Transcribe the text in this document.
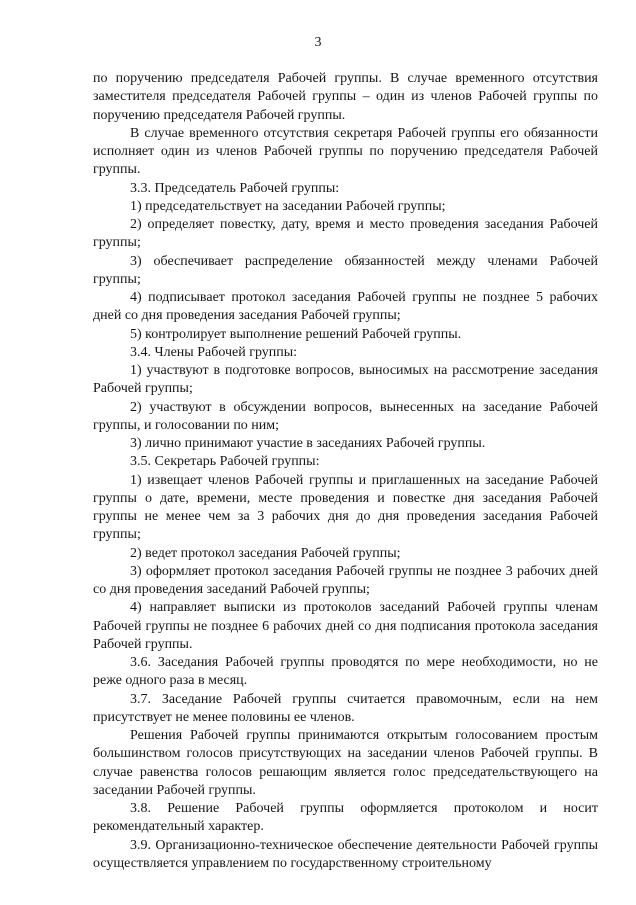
3

по поручению председателя Рабочей группы. В случае временного отсутствия заместителя председателя Рабочей группы – один из членов Рабочей группы по поручению председателя Рабочей группы.

В случае временного отсутствия секретаря Рабочей группы его обязанности исполняет один из членов Рабочей группы по поручению председателя Рабочей группы.

3.3. Председатель Рабочей группы:

1) председательствует на заседании Рабочей группы;

2) определяет повестку, дату, время и место проведения заседания Рабочей группы;

3) обеспечивает распределение обязанностей между членами Рабочей группы;

4) подписывает протокол заседания Рабочей группы не позднее 5 рабочих дней со дня проведения заседания Рабочей группы;

5) контролирует выполнение решений Рабочей группы.

3.4. Члены Рабочей группы:

1) участвуют в подготовке вопросов, выносимых на рассмотрение заседания Рабочей группы;

2) участвуют в обсуждении вопросов, вынесенных на заседание Рабочей группы, и голосовании по ним;

3) лично принимают участие в заседаниях Рабочей группы.

3.5. Секретарь Рабочей группы:

1) извещает членов Рабочей группы и приглашенных на заседание Рабочей группы о дате, времени, месте проведения и повестке дня заседания Рабочей группы не менее чем за 3 рабочих дня до дня проведения заседания Рабочей группы;

2) ведет протокол заседания Рабочей группы;

3) оформляет протокол заседания Рабочей группы не позднее 3 рабочих дней со дня проведения заседаний Рабочей группы;

4) направляет выписки из протоколов заседаний Рабочей группы членам Рабочей группы не позднее 6 рабочих дней со дня подписания протокола заседания Рабочей группы.

3.6. Заседания Рабочей группы проводятся по мере необходимости, но не реже одного раза в месяц.

3.7. Заседание Рабочей группы считается правомочным, если на нем присутствует не менее половины ее членов.

Решения Рабочей группы принимаются открытым голосованием простым большинством голосов присутствующих на заседании членов Рабочей группы. В случае равенства голосов решающим является голос председательствующего на заседании Рабочей группы.

3.8. Решение Рабочей группы оформляется протоколом и носит рекомендательный характер.

3.9. Организационно-техническое обеспечение деятельности Рабочей группы осуществляется управлением по государственному строительному
